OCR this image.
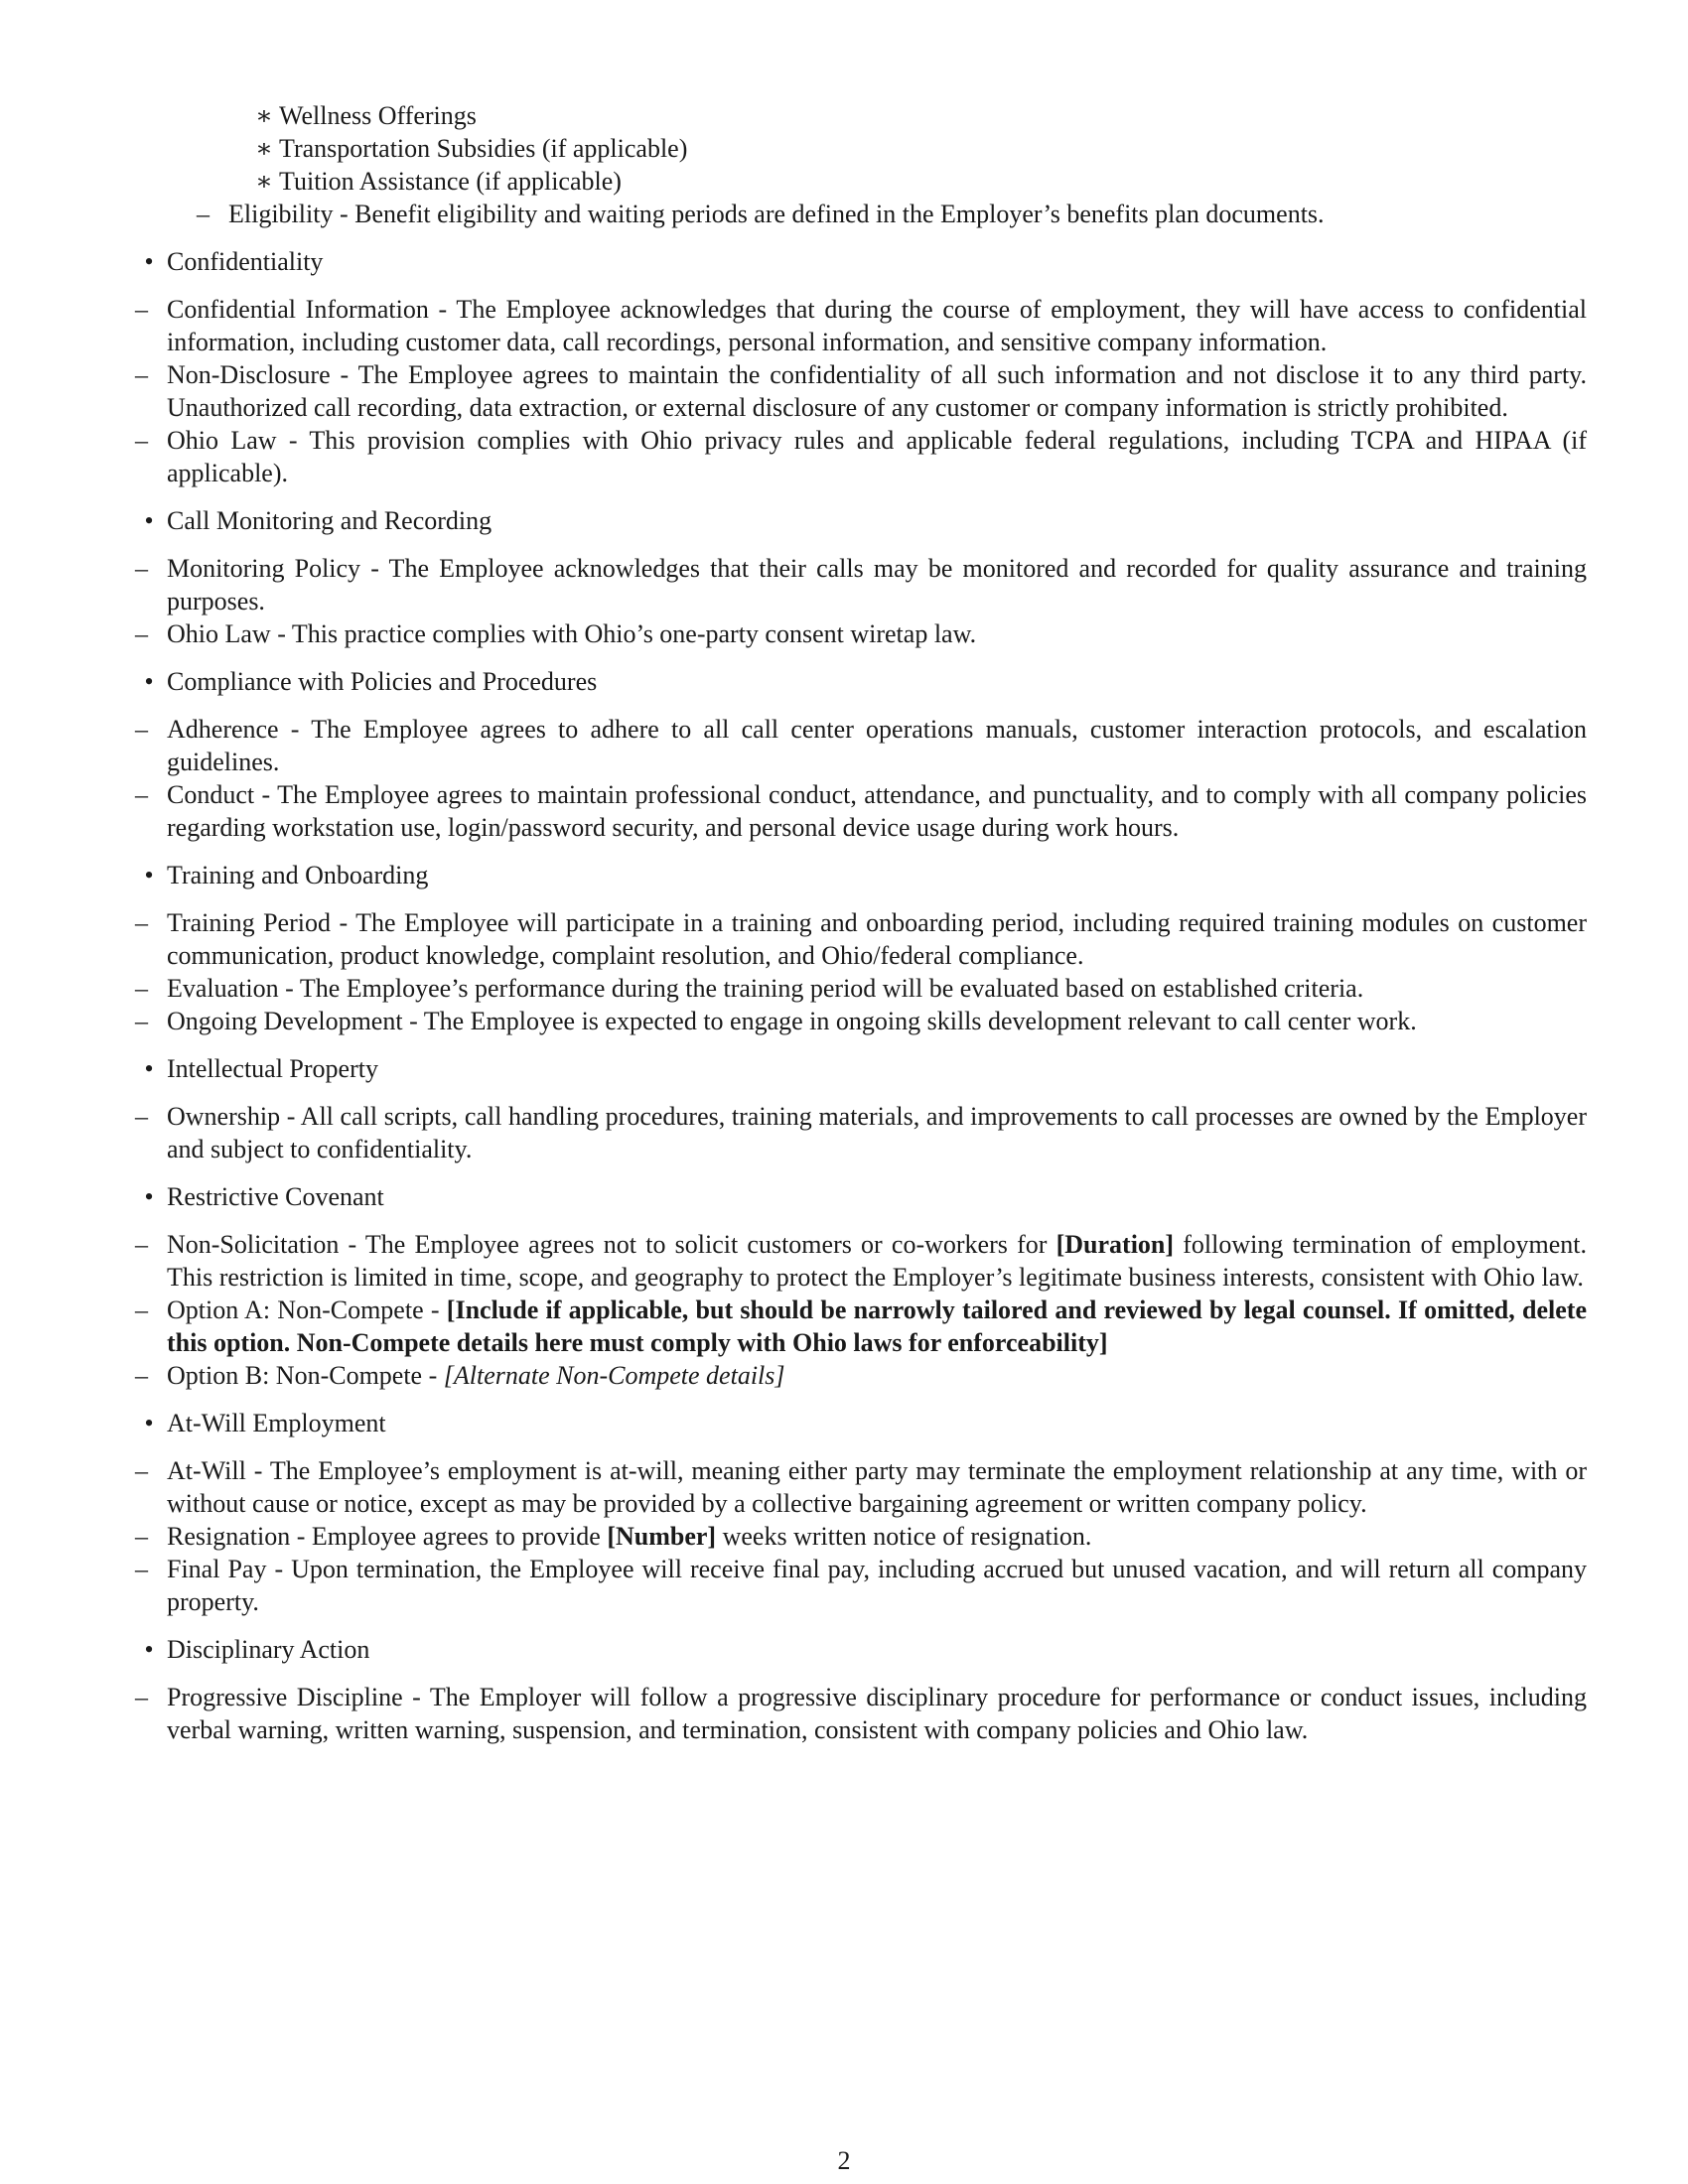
∗ Wellness Offerings
∗ Transportation Subsidies (if applicable)
∗ Tuition Assistance (if applicable)
– Eligibility - Benefit eligibility and waiting periods are defined in the Employer’s benefits plan documents.
• Confidentiality
– Confidential Information - The Employee acknowledges that during the course of employment, they will have access to confidential information, including customer data, call recordings, personal information, and sensitive company information.
– Non-Disclosure - The Employee agrees to maintain the confidentiality of all such information and not disclose it to any third party. Unauthorized call recording, data extraction, or external disclosure of any customer or company information is strictly prohibited.
– Ohio Law - This provision complies with Ohio privacy rules and applicable federal regulations, including TCPA and HIPAA (if applicable).
• Call Monitoring and Recording
– Monitoring Policy - The Employee acknowledges that their calls may be monitored and recorded for quality assurance and training purposes.
– Ohio Law - This practice complies with Ohio’s one-party consent wiretap law.
• Compliance with Policies and Procedures
– Adherence - The Employee agrees to adhere to all call center operations manuals, customer interaction protocols, and escalation guidelines.
– Conduct - The Employee agrees to maintain professional conduct, attendance, and punctuality, and to comply with all company policies regarding workstation use, login/password security, and personal device usage during work hours.
• Training and Onboarding
– Training Period - The Employee will participate in a training and onboarding period, including required training modules on customer communication, product knowledge, complaint resolution, and Ohio/federal compliance.
– Evaluation - The Employee’s performance during the training period will be evaluated based on established criteria.
– Ongoing Development - The Employee is expected to engage in ongoing skills development relevant to call center work.
• Intellectual Property
– Ownership - All call scripts, call handling procedures, training materials, and improvements to call processes are owned by the Employer and subject to confidentiality.
• Restrictive Covenant
– Non-Solicitation - The Employee agrees not to solicit customers or co-workers for [Duration] following termination of employment. This restriction is limited in time, scope, and geography to protect the Employer’s legitimate business interests, consistent with Ohio law.
– Option A: Non-Compete - [Include if applicable, but should be narrowly tailored and reviewed by legal counsel. If omitted, delete this option. Non-Compete details here must comply with Ohio laws for enforceability]
– Option B: Non-Compete - [Alternate Non-Compete details]
• At-Will Employment
– At-Will - The Employee’s employment is at-will, meaning either party may terminate the employment relationship at any time, with or without cause or notice, except as may be provided by a collective bargaining agreement or written company policy.
– Resignation - Employee agrees to provide [Number] weeks written notice of resignation.
– Final Pay - Upon termination, the Employee will receive final pay, including accrued but unused vacation, and will return all company property.
• Disciplinary Action
– Progressive Discipline - The Employer will follow a progressive disciplinary procedure for performance or conduct issues, including verbal warning, written warning, suspension, and termination, consistent with company policies and Ohio law.
2
